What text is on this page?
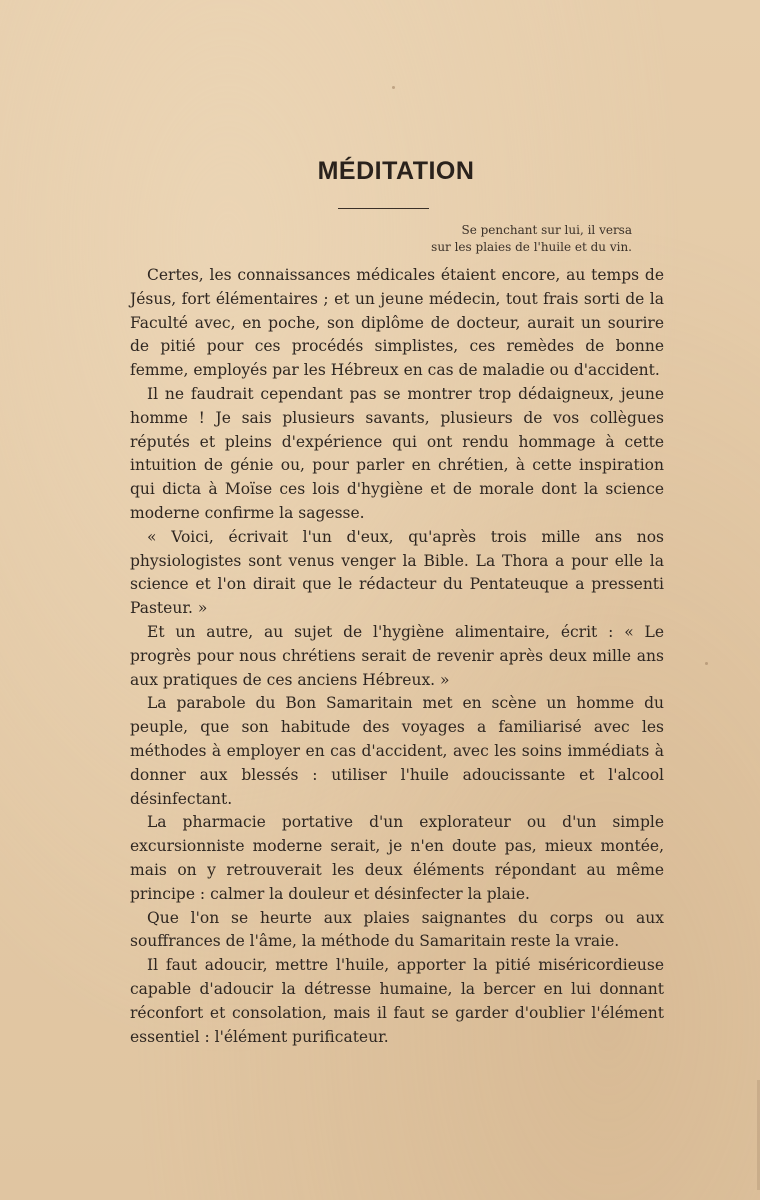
MÉDITATION
Se penchant sur lui, il versa
sur les plaies de l'huile et du vin.

Certes, les connaissances médicales étaient encore, au temps de Jésus, fort élémentaires ; et un jeune médecin, tout frais sorti de la Faculté avec, en poche, son diplôme de docteur, aurait un sourire de pitié pour ces procédés simplistes, ces remèdes de bonne femme, employés par les Hébreux en cas de maladie ou d'accident.

Il ne faudrait cependant pas se montrer trop dédaigneux, jeune homme ! Je sais plusieurs savants, plusieurs de vos collègues réputés et pleins d'expérience qui ont rendu hommage à cette intuition de génie ou, pour parler en chrétien, à cette inspiration qui dicta à Moïse ces lois d'hygiène et de morale dont la science moderne confirme la sagesse.

« Voici, écrivait l'un d'eux, qu'après trois mille ans nos physiologistes sont venus venger la Bible. La Thora a pour elle la science et l'on dirait que le rédacteur du Pentateuque a pressenti Pasteur. »

Et un autre, au sujet de l'hygiène alimentaire, écrit : « Le progrès pour nous chrétiens serait de revenir après deux mille ans aux pratiques de ces anciens Hébreux. »

La parabole du Bon Samaritain met en scène un homme du peuple, que son habitude des voyages a familiarisé avec les méthodes à employer en cas d'accident, avec les soins immédiats à donner aux blessés : utiliser l'huile adoucissante et l'alcool désinfectant.

La pharmacie portative d'un explorateur ou d'un simple excursionniste moderne serait, je n'en doute pas, mieux montée, mais on y retrouverait les deux éléments répondant au même principe : calmer la douleur et désinfecter la plaie.

Que l'on se heurte aux plaies saignantes du corps ou aux souffrances de l'âme, la méthode du Samaritain reste la vraie.

Il faut adoucir, mettre l'huile, apporter la pitié miséricordieuse capable d'adoucir la détresse humaine, la bercer en lui donnant réconfort et consolation, mais il faut se garder d'oublier l'élément essentiel : l'élément purificateur.
